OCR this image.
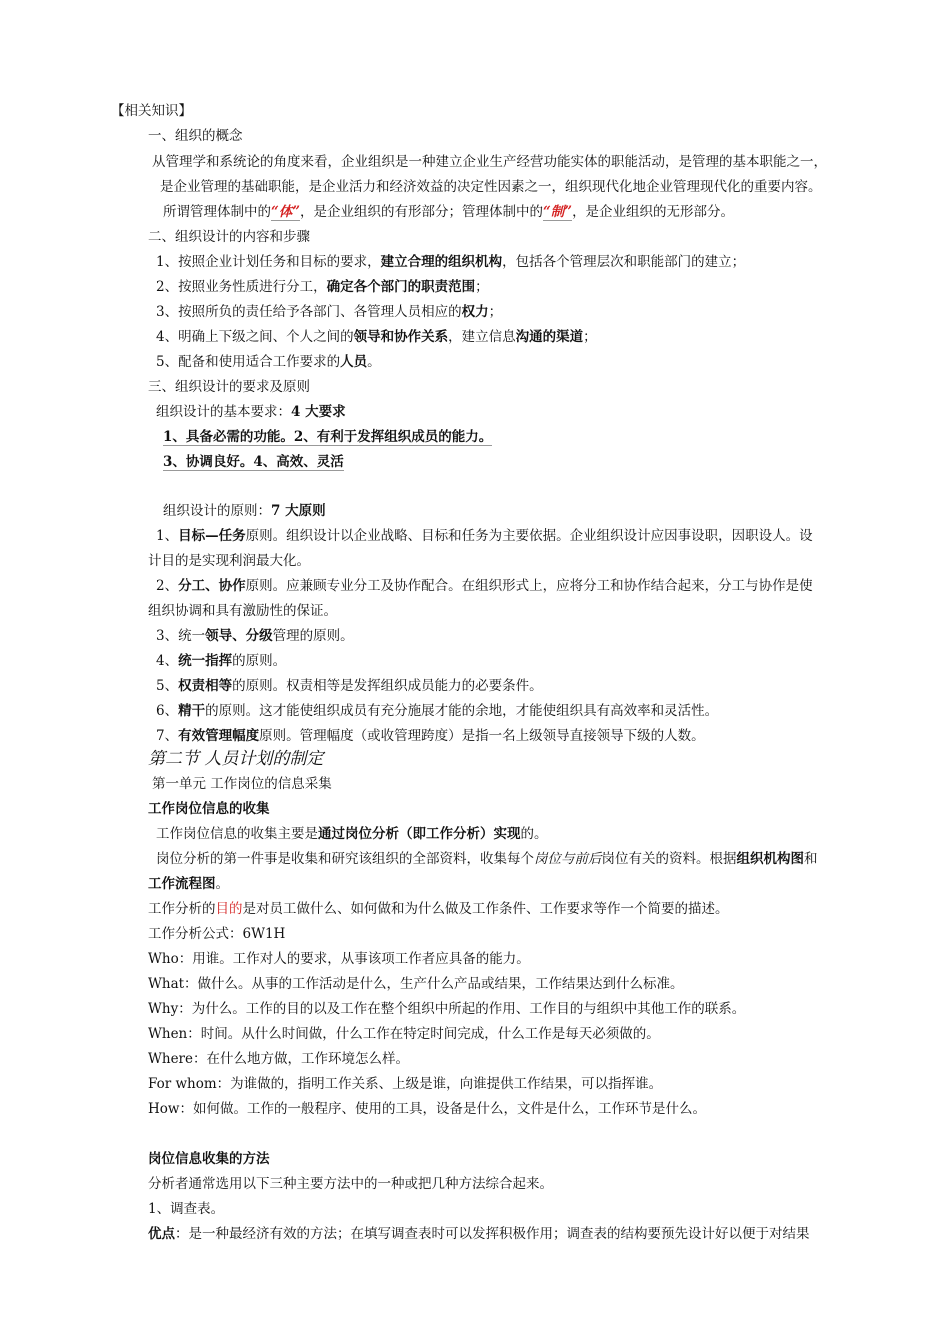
【相关知识】
一、组织的概念
从管理学和系统论的角度来看，企业组织是一种建立企业生产经营功能实体的职能活动，是管理的基本职能之一，
是企业管理的基础职能，是企业活力和经济效益的决定性因素之一，组织现代化地企业管理现代化的重要内容。
所谓管理体制中的“体”，是企业组织的有形部分；管理体制中的“制”，是企业组织的无形部分。
二、组织设计的内容和步骤
1、按照企业计划任务和目标的要求，建立合理的组织机构，包括各个管理层次和职能部门的建立；
2、按照业务性质进行分工，确定各个部门的职责范围；
3、按照所负的责任给予各部门、各管理人员相应的权力；
4、明确上下级之间、个人之间的领导和协作关系，建立信息沟通的渠道；
5、配备和使用适合工作要求的人员。
三、组织设计的要求及原则
组织设计的基本要求：4 大要求
1、具备必需的功能。2、有利于发挥组织成员的能力。
3、协调良好。4、高效、灵活
组织设计的原则：7 大原则
1、目标—任务原则。组织设计以企业战略、目标和任务为主要依据。企业组织设计应因事设职，因职设人。设
计目的是实现利润最大化。
2、分工、协作原则。应兼顾专业分工及协作配合。在组织形式上，应将分工和协作结合起来，分工与协作是使
组织协调和具有激励性的保证。
3、统一领导、分级管理的原则。
4、统一指挥的原则。
5、权责相等的原则。权责相等是发挥组织成员能力的必要条件。
6、精干的原则。这才能使组织成员有充分施展才能的余地，才能使组织具有高效率和灵活性。
7、有效管理幅度原则。管理幅度（或收管理跨度）是指一名上级领导直接领导下级的人数。
第二节 人员计划的制定
第一单元 工作岗位的信息采集
工作岗位信息的收集
工作岗位信息的收集主要是通过岗位分析（即工作分析）实现的。
岗位分析的第一件事是收集和研究该组织的全部资料，收集每个岗位与前后岗位有关的资料。根据组织机构图和
工作流程图。
工作分析的目的是对员工做什么、如何做和为什么做及工作条件、工作要求等作一个简要的描述。
工作分析公式：6W1H
Who：用谁。工作对人的要求，从事该项工作者应具备的能力。
What：做什么。从事的工作活动是什么，生产什么产品或结果，工作结果达到什么标准。
Why：为什么。工作的目的以及工作在整个组织中所起的作用、工作目的与组织中其他工作的联系。
When：时间。从什么时间做，什么工作在特定时间完成，什么工作是每天必须做的。
Where：在什么地方做，工作环境怎么样。
For whom：为谁做的，指明工作关系、上级是谁，向谁提供工作结果，可以指挥谁。
How：如何做。工作的一般程序、使用的工具，设备是什么，文件是什么，工作环节是什么。
岗位信息收集的方法
分析者通常选用以下三种主要方法中的一种或把几种方法综合起来。
1、调查表。
优点：是一种最经济有效的方法；在填写调查表时可以发挥积极作用；调查表的结构要预先设计好以便于对结果
